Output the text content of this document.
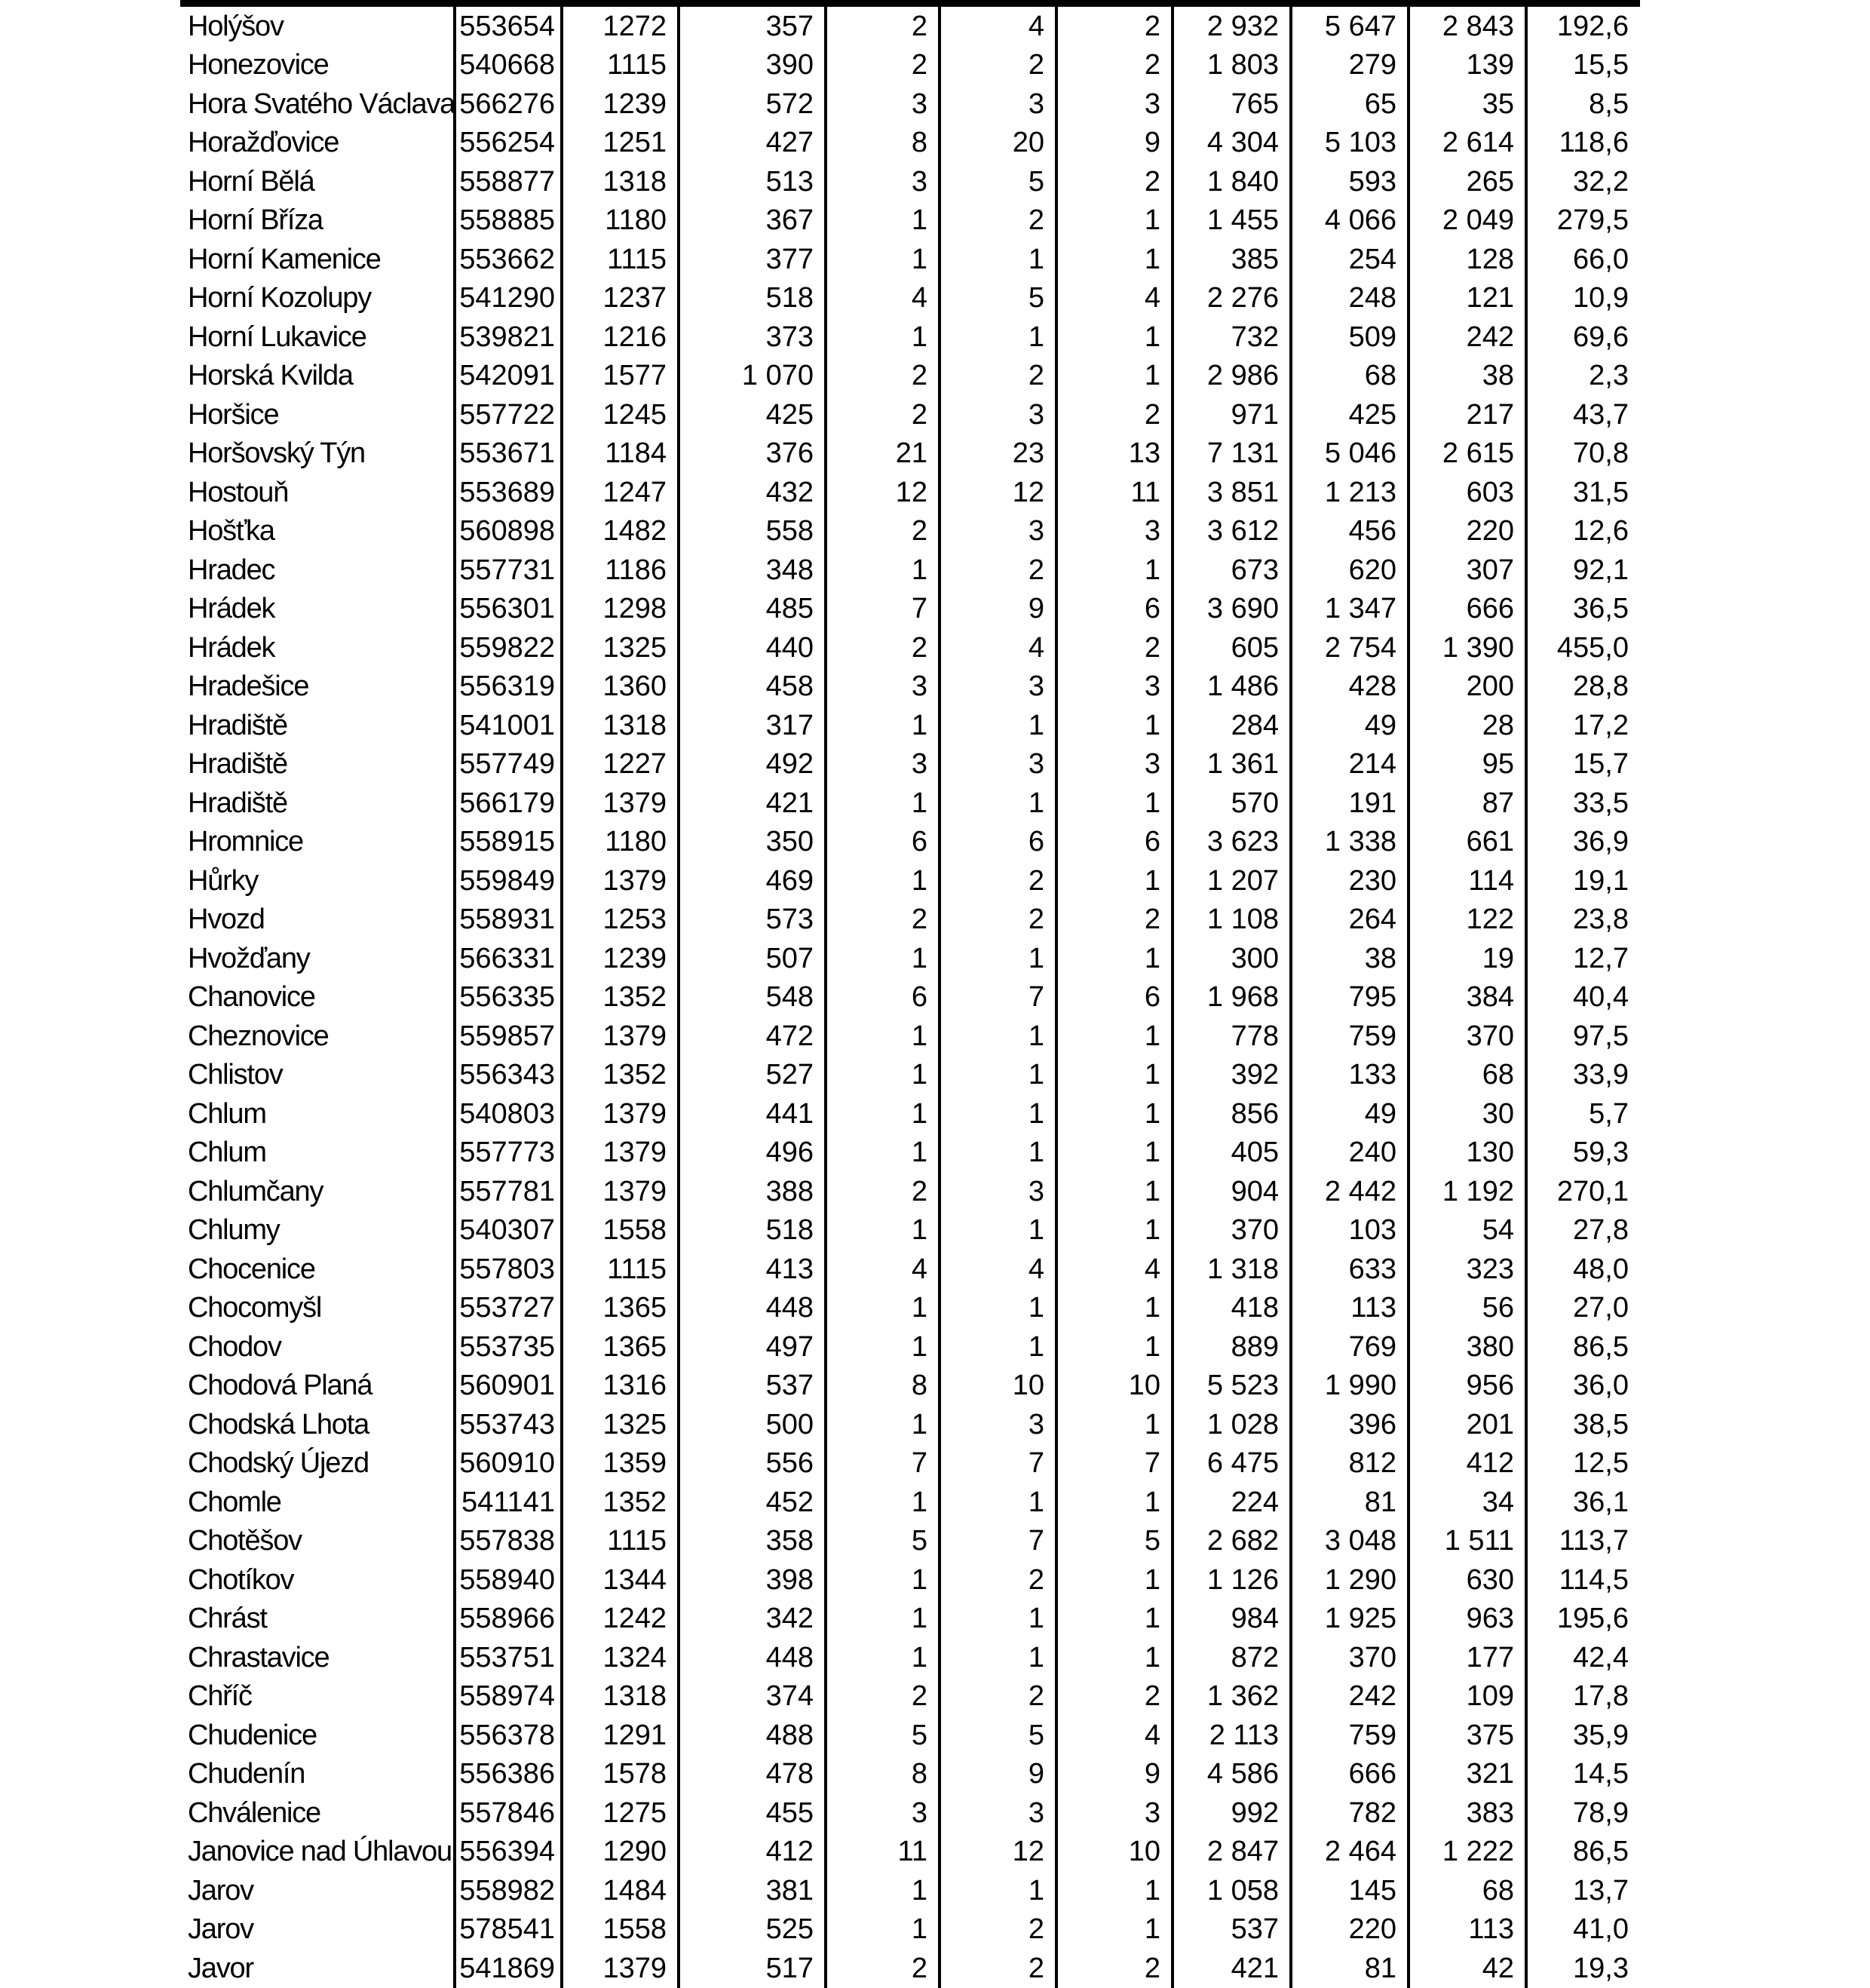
Holýšov	553654	1272	357	2	4	2	2 932	5 647	2 843	192,6
Honezovice	540668	1115	390	2	2	2	1 803	279	139	15,5
Hora Svatého Václava 566276	1239	572	3	3	3	765	65	35	8,5
Horažďovice	556254	1251	427	8	20	9	4 304	5 103	2 614	118,6
Horní Bělá	558877	1318	513	3	5	2	1 840	593	265	32,2
Horní Bříza	558885	1180	367	1	2	1	1 455	4 066	2 049	279,5
Horní Kamenice	553662	1115	377	1	1	1	385	254	128	66,0
Horní Kozolupy	541290	1237	518	4	5	4	2 276	248	121	10,9
Horní Lukavice	539821	1216	373	1	1	1	732	509	242	69,6
Horská Kvilda	542091	1577	1 070	2	2	1	2 986	68	38	2,3
Horšice	557722	1245	425	2	3	2	971	425	217	43,7
Horšovský Týn	553671	1184	376	21	23	13	7 131	5 046	2 615	70,8
Hostouň	553689	1247	432	12	12	11	3 851	1 213	603	31,5
Hošťka	560898	1482	558	2	3	3	3 612	456	220	12,6
Hradec	557731	1186	348	1	2	1	673	620	307	92,1
Hrádek	556301	1298	485	7	9	6	3 690	1 347	666	36,5
Hrádek	559822	1325	440	2	4	2	605	2 754	1 390	455,0
Hradešice	556319	1360	458	3	3	3	1 486	428	200	28,8
Hradiště	541001	1318	317	1	1	1	284	49	28	17,2
Hradiště	557749	1227	492	3	3	3	1 361	214	95	15,7
Hradiště	566179	1379	421	1	1	1	570	191	87	33,5
Hromnice	558915	1180	350	6	6	6	3 623	1 338	661	36,9
Hůrky	559849	1379	469	1	2	1	1 207	230	114	19,1
Hvozd	558931	1253	573	2	2	2	1 108	264	122	23,8
Hvožďany	566331	1239	507	1	1	1	300	38	19	12,7
Chanovice	556335	1352	548	6	7	6	1 968	795	384	40,4
Cheznovice	559857	1379	472	1	1	1	778	759	370	97,5
Chlistov	556343	1352	527	1	1	1	392	133	68	33,9
Chlum	540803	1379	441	1	1	1	856	49	30	5,7
Chlum	557773	1379	496	1	1	1	405	240	130	59,3
Chlumčany	557781	1379	388	2	3	1	904	2 442	1 192	270,1
Chlumy	540307	1558	518	1	1	1	370	103	54	27,8
Chocenice	557803	1115	413	4	4	4	1 318	633	323	48,0
Chocomyšl	553727	1365	448	1	1	1	418	113	56	27,0
Chodov	553735	1365	497	1	1	1	889	769	380	86,5
Chodová Planá	560901	1316	537	8	10	10	5 523	1 990	956	36,0
Chodská Lhota	553743	1325	500	1	3	1	1 028	396	201	38,5
Chodský Újezd	560910	1359	556	7	7	7	6 475	812	412	12,5
Chomle	541141	1352	452	1	1	1	224	81	34	36,1
Chotěšov	557838	1115	358	5	7	5	2 682	3 048	1 511	113,7
Chotíkov	558940	1344	398	1	2	1	1 126	1 290	630	114,5
Chrást	558966	1242	342	1	1	1	984	1 925	963	195,6
Chrastavice	553751	1324	448	1	1	1	872	370	177	42,4
Chříč	558974	1318	374	2	2	2	1 362	242	109	17,8
Chudenice	556378	1291	488	5	5	4	2 113	759	375	35,9
Chudenín	556386	1578	478	8	9	9	4 586	666	321	14,5
Chválenice	557846	1275	455	3	3	3	992	782	383	78,9
Janovice nad Úhlavou 556394	1290	412	11	12	10	2 847	2 464	1 222	86,5
Jarov	558982	1484	381	1	1	1	1 058	145	68	13,7
Jarov	578541	1558	525	1	2	1	537	220	113	41,0
Javor	541869	1379	517	2	2	2	421	81	42	19,3
